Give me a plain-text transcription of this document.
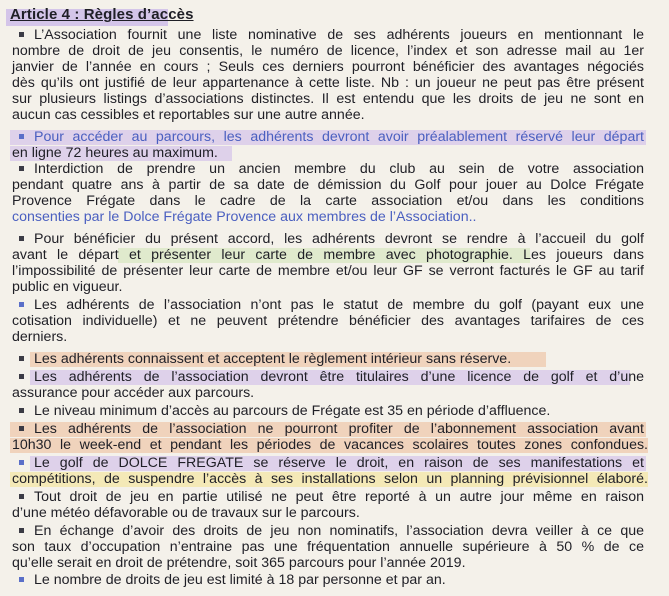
Article 4 : Règles d’accès
L’Association fournit une liste nominative de ses adhérents joueurs en mentionnant le
nombre de droit de jeu consentis, le numéro de licence, l’index et son adresse mail au 1er
janvier de l’année en cours ; Seuls ces derniers pourront bénéficier des avantages négociés
dès qu’ils ont justifié de leur appartenance à cette liste. Nb : un joueur ne peut pas être présent
sur plusieurs listings d’associations distinctes. Il est entendu que les droits de jeu ne sont en
aucun cas cessibles et reportables sur une autre année.
Pour accéder au parcours, les adhérents devront avoir préalablement réservé leur départ
en ligne 72 heures au maximum.
Interdiction de prendre un ancien membre du club au sein de votre association
pendant quatre ans à partir de sa date de démission du Golf pour jouer au Dolce Frégate
Provence Frégate dans le cadre de la carte association et/ou dans les conditions
consenties par le Dolce Frégate Provence aux membres de l’Association..
Pour bénéficier du présent accord, les adhérents devront se rendre à l’accueil du golf
avant le départ et présenter leur carte de membre avec photographie. Les joueurs dans
l’impossibilité de présenter leur carte de membre et/ou leur GF se verront facturés le GF au tarif
public en vigueur.
Les adhérents de l’association n’ont pas le statut de membre du golf (payant eux une
cotisation individuelle) et ne peuvent prétendre bénéficier des avantages tarifaires de ces
derniers.
Les adhérents connaissent et acceptent le règlement intérieur sans réserve.
Les adhérents de l’association devront être titulaires d’une licence de golf et d’une
assurance pour accéder aux parcours.
Le niveau minimum d’accès au parcours de Frégate est 35 en période d’affluence.
Les adhérents de l’association ne pourront profiter de l’abonnement association avant
10h30 le week-end et pendant les périodes de vacances scolaires toutes zones confondues.
Le golf de DOLCE FREGATE se réserve le droit, en raison de ses manifestations et
compétitions, de suspendre l’accès à ses installations selon un planning prévisionnel élaboré.
Tout droit de jeu en partie utilisé ne peut être reporté à un autre jour même en raison
d’une météo défavorable ou de travaux sur le parcours.
En échange d’avoir des droits de jeu non nominatifs, l’association devra veiller à ce que
son taux d’occupation n’entraine pas une fréquentation annuelle supérieure à 50 % de ce
qu’elle serait en droit de prétendre, soit 365 parcours pour l’année 2019.
Le nombre de droits de jeu est limité à 18 par personne et par an.
